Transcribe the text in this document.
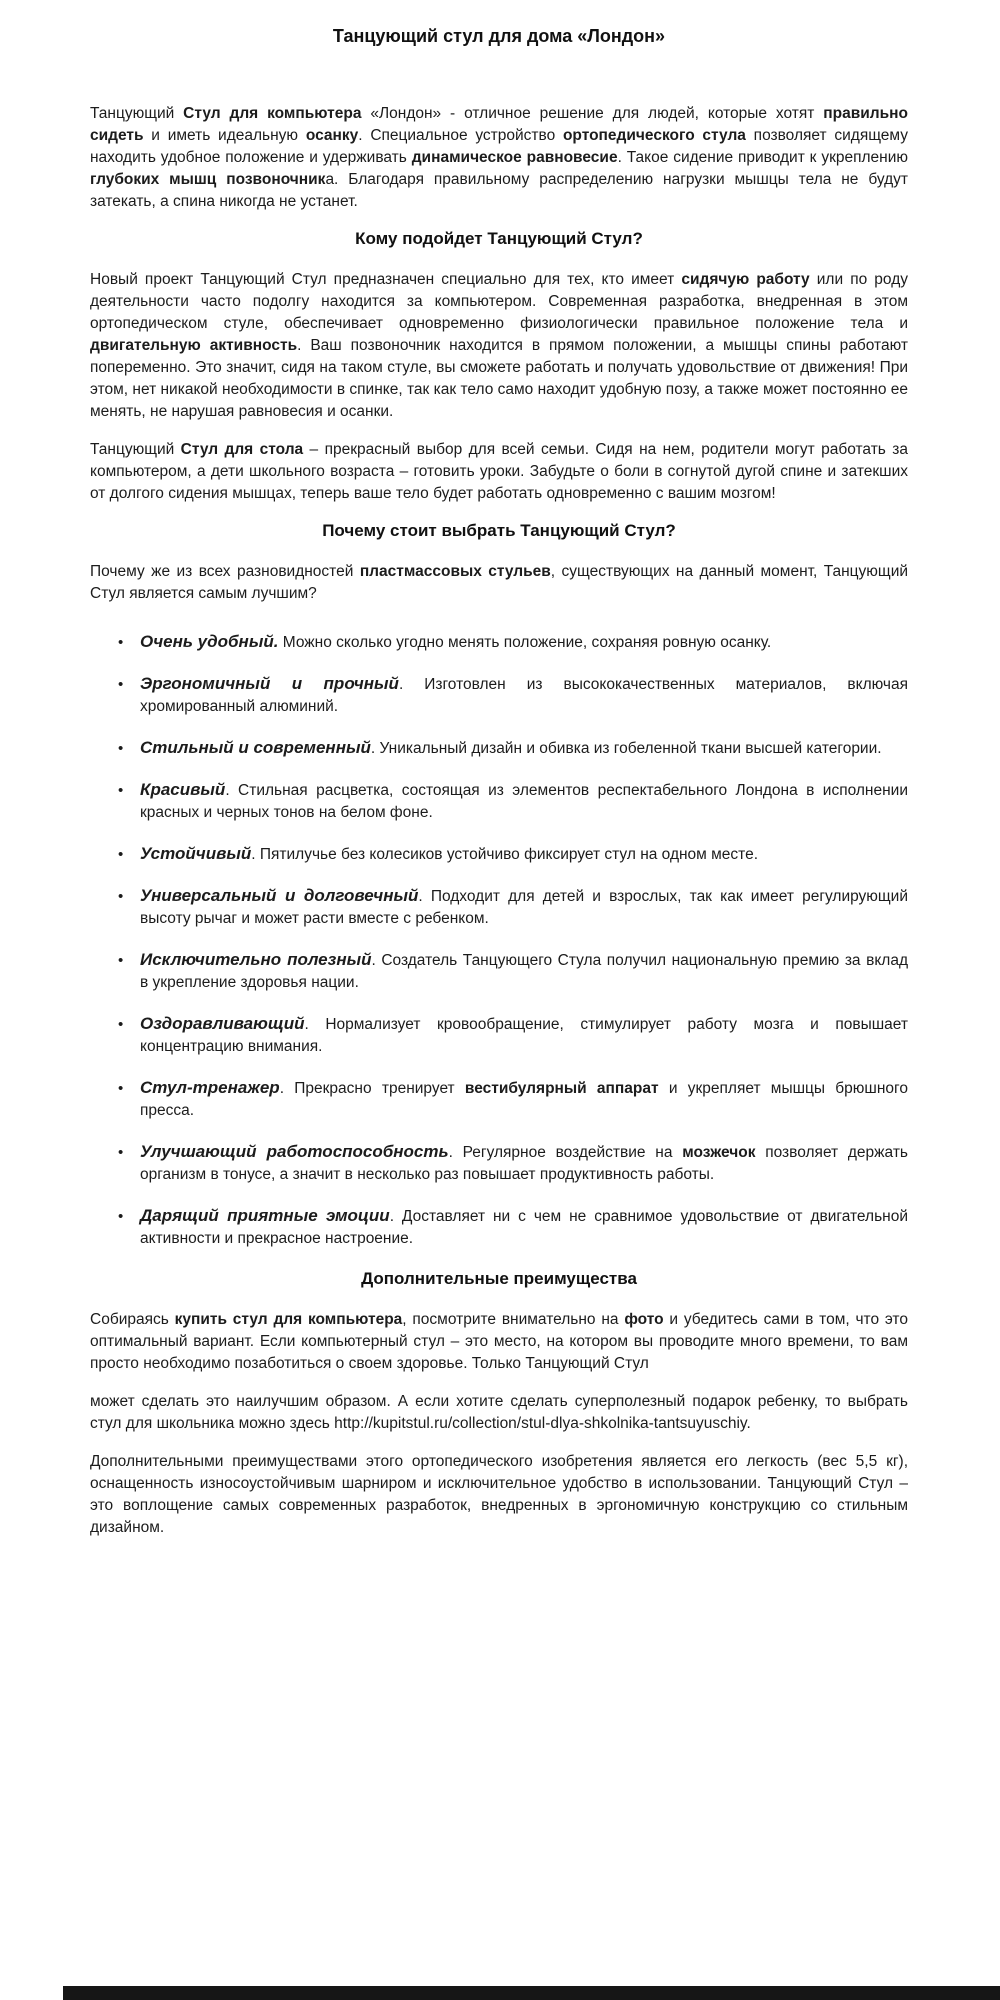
Танцующий стул для дома «Лондон»

Танцующий Стул для компьютера «Лондон» - отличное решение для людей, которые хотят правильно сидеть и иметь идеальную осанку. Специальное устройство ортопедического стула позволяет сидящему находить удобное положение и удерживать динамическое равновесие. Такое сидение приводит к укреплению глубоких мышц позвоночника. Благодаря правильному распределению нагрузки мышцы тела не будут затекать, а спина никогда не устанет.

Кому подойдет Танцующий Стул?

Новый проект Танцующий Стул предназначен специально для тех, кто имеет сидячую работу или по роду деятельности часто подолгу находится за компьютером. Современная разработка, внедренная в этом ортопедическом стуле, обеспечивает одновременно физиологически правильное положение тела и двигательную активность. Ваш позвоночник находится в прямом положении, а мышцы спины работают попеременно. Это значит, сидя на таком стуле, вы сможете работать и получать удовольствие от движения! При этом, нет никакой необходимости в спинке, так как тело само находит удобную позу, а также может постоянно ее менять, не нарушая равновесия и осанки.

Танцующий Стул для стола – прекрасный выбор для всей семьи. Сидя на нем, родители могут работать за компьютером, а дети школьного возраста – готовить уроки. Забудьте о боли в согнутой дугой спине и затекших от долгого сидения мышцах, теперь ваше тело будет работать одновременно с вашим мозгом!

Почему стоит выбрать Танцующий Стул?

Почему же из всех разновидностей пластмассовых стульев, существующих на данный момент, Танцующий Стул является самым лучшим?

• Очень удобный. Можно сколько угодно менять положение, сохраняя ровную осанку.
• Эргономичный и прочный. Изготовлен из высококачественных материалов, включая хромированный алюминий.
• Стильный и современный. Уникальный дизайн и обивка из гобеленной ткани высшей категории.
• Красивый. Стильная расцветка, состоящая из элементов респектабельного Лондона в исполнении красных и черных тонов на белом фоне.
• Устойчивый. Пятилучье без колесиков устойчиво фиксирует стул на одном месте.
• Универсальный и долговечный. Подходит для детей и взрослых, так как имеет регулирующий высоту рычаг и может расти вместе с ребенком.
• Исключительно полезный. Создатель Танцующего Стула получил национальную премию за вклад в укрепление здоровья нации.
• Оздоравливающий. Нормализует кровообращение, стимулирует работу мозга и повышает концентрацию внимания.
• Стул-тренажер. Прекрасно тренирует вестибулярный аппарат и укрепляет мышцы брюшного пресса.
• Улучшающий работоспособность. Регулярное воздействие на мозжечок позволяет держать организм в тонусе, а значит в несколько раз повышает продуктивность работы.
• Дарящий приятные эмоции. Доставляет ни с чем не сравнимое удовольствие от двигательной активности и прекрасное настроение.
Дополнительные преимущества

Собираясь купить стул для компьютера, посмотрите внимательно на фото и убедитесь сами в том, что это оптимальный вариант. Если компьютерный стул – это место, на котором вы проводите много времени, то вам просто необходимо позаботиться о своем здоровье. Только Танцующий Стул

может сделать это наилучшим образом. А если хотите сделать суперполезный подарок ребенку, то выбрать стул для школьника можно здесь http://kupitstul.ru/collection/stul-dlya-shkolnika-tantsuyuschiy.

Дополнительными преимуществами этого ортопедического изобретения является его легкость (вес 5,5 кг), оснащенность износоустойчивым шарниром и исключительное удобство в использовании. Танцующий Стул – это воплощение самых современных разработок, внедренных в эргономичную конструкцию со стильным дизайном.
